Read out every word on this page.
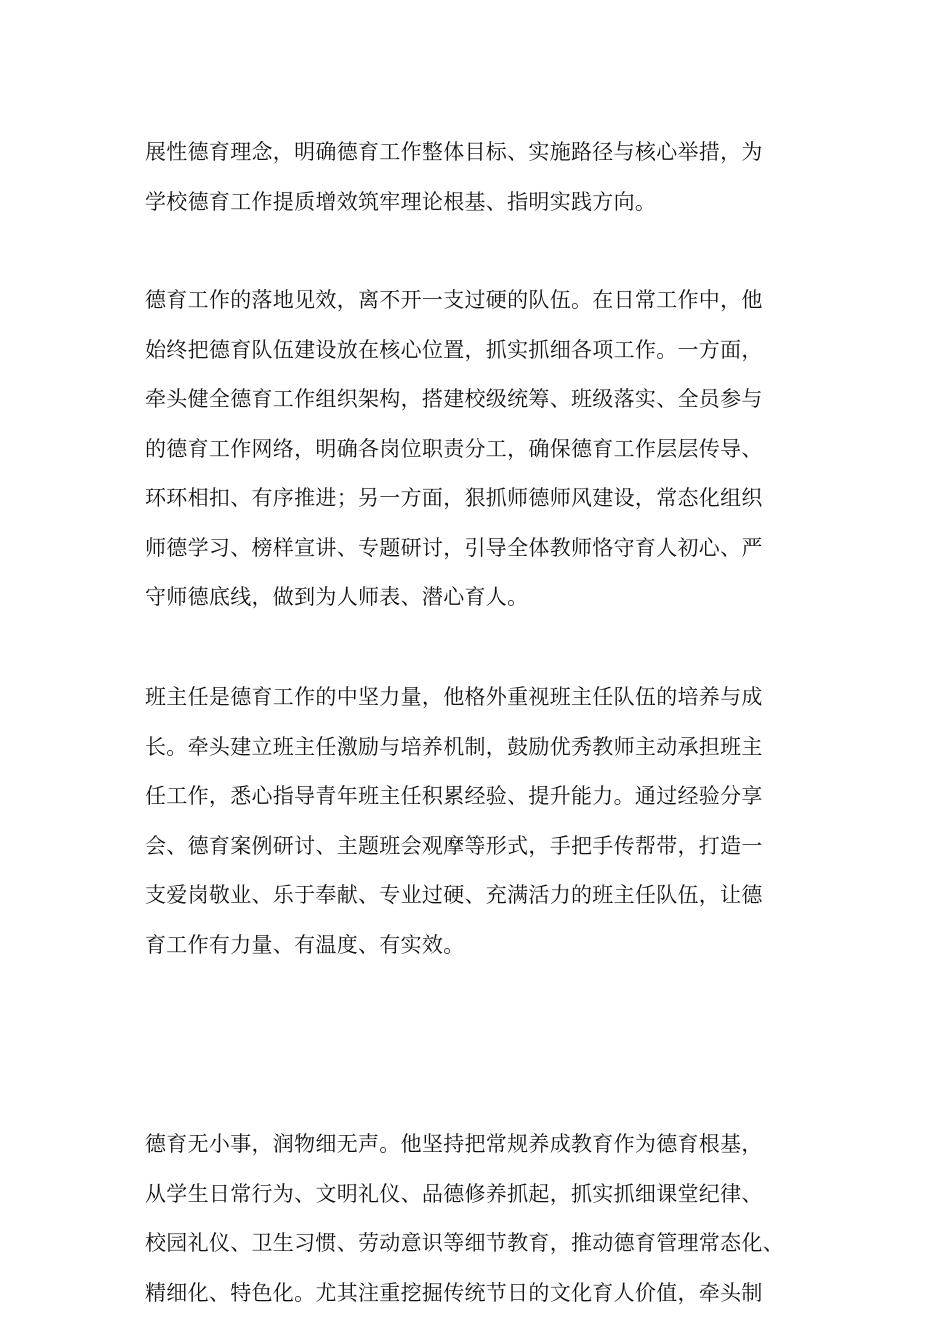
展性德育理念，明确德育工作整体目标、实施路径与核心举措，为
学校德育工作提质增效筑牢理论根基、指明实践方向。
德育工作的落地见效，离不开一支过硬的队伍。在日常工作中，他
始终把德育队伍建设放在核心位置，抓实抓细各项工作。一方面，
牵头健全德育工作组织架构，搭建校级统筹、班级落实、全员参与
的德育工作网络，明确各岗位职责分工，确保德育工作层层传导、
环环相扣、有序推进；另一方面，狠抓师德师风建设，常态化组织
师德学习、榜样宣讲、专题研讨，引导全体教师恪守育人初心、严
守师德底线，做到为人师表、潜心育人。
班主任是德育工作的中坚力量，他格外重视班主任队伍的培养与成
长。牵头建立班主任激励与培养机制，鼓励优秀教师主动承担班主
任工作，悉心指导青年班主任积累经验、提升能力。通过经验分享
会、德育案例研讨、主题班会观摩等形式，手把手传帮带，打造一
支爱岗敬业、乐于奉献、专业过硬、充满活力的班主任队伍，让德
育工作有力量、有温度、有实效。
德育无小事，润物细无声。他坚持把常规养成教育作为德育根基，
从学生日常行为、文明礼仪、品德修养抓起，抓实抓细课堂纪律、
校园礼仪、卫生习惯、劳动意识等细节教育，推动德育管理常态化、
精细化、特色化。尤其注重挖掘传统节日的文化育人价值，牵头制
